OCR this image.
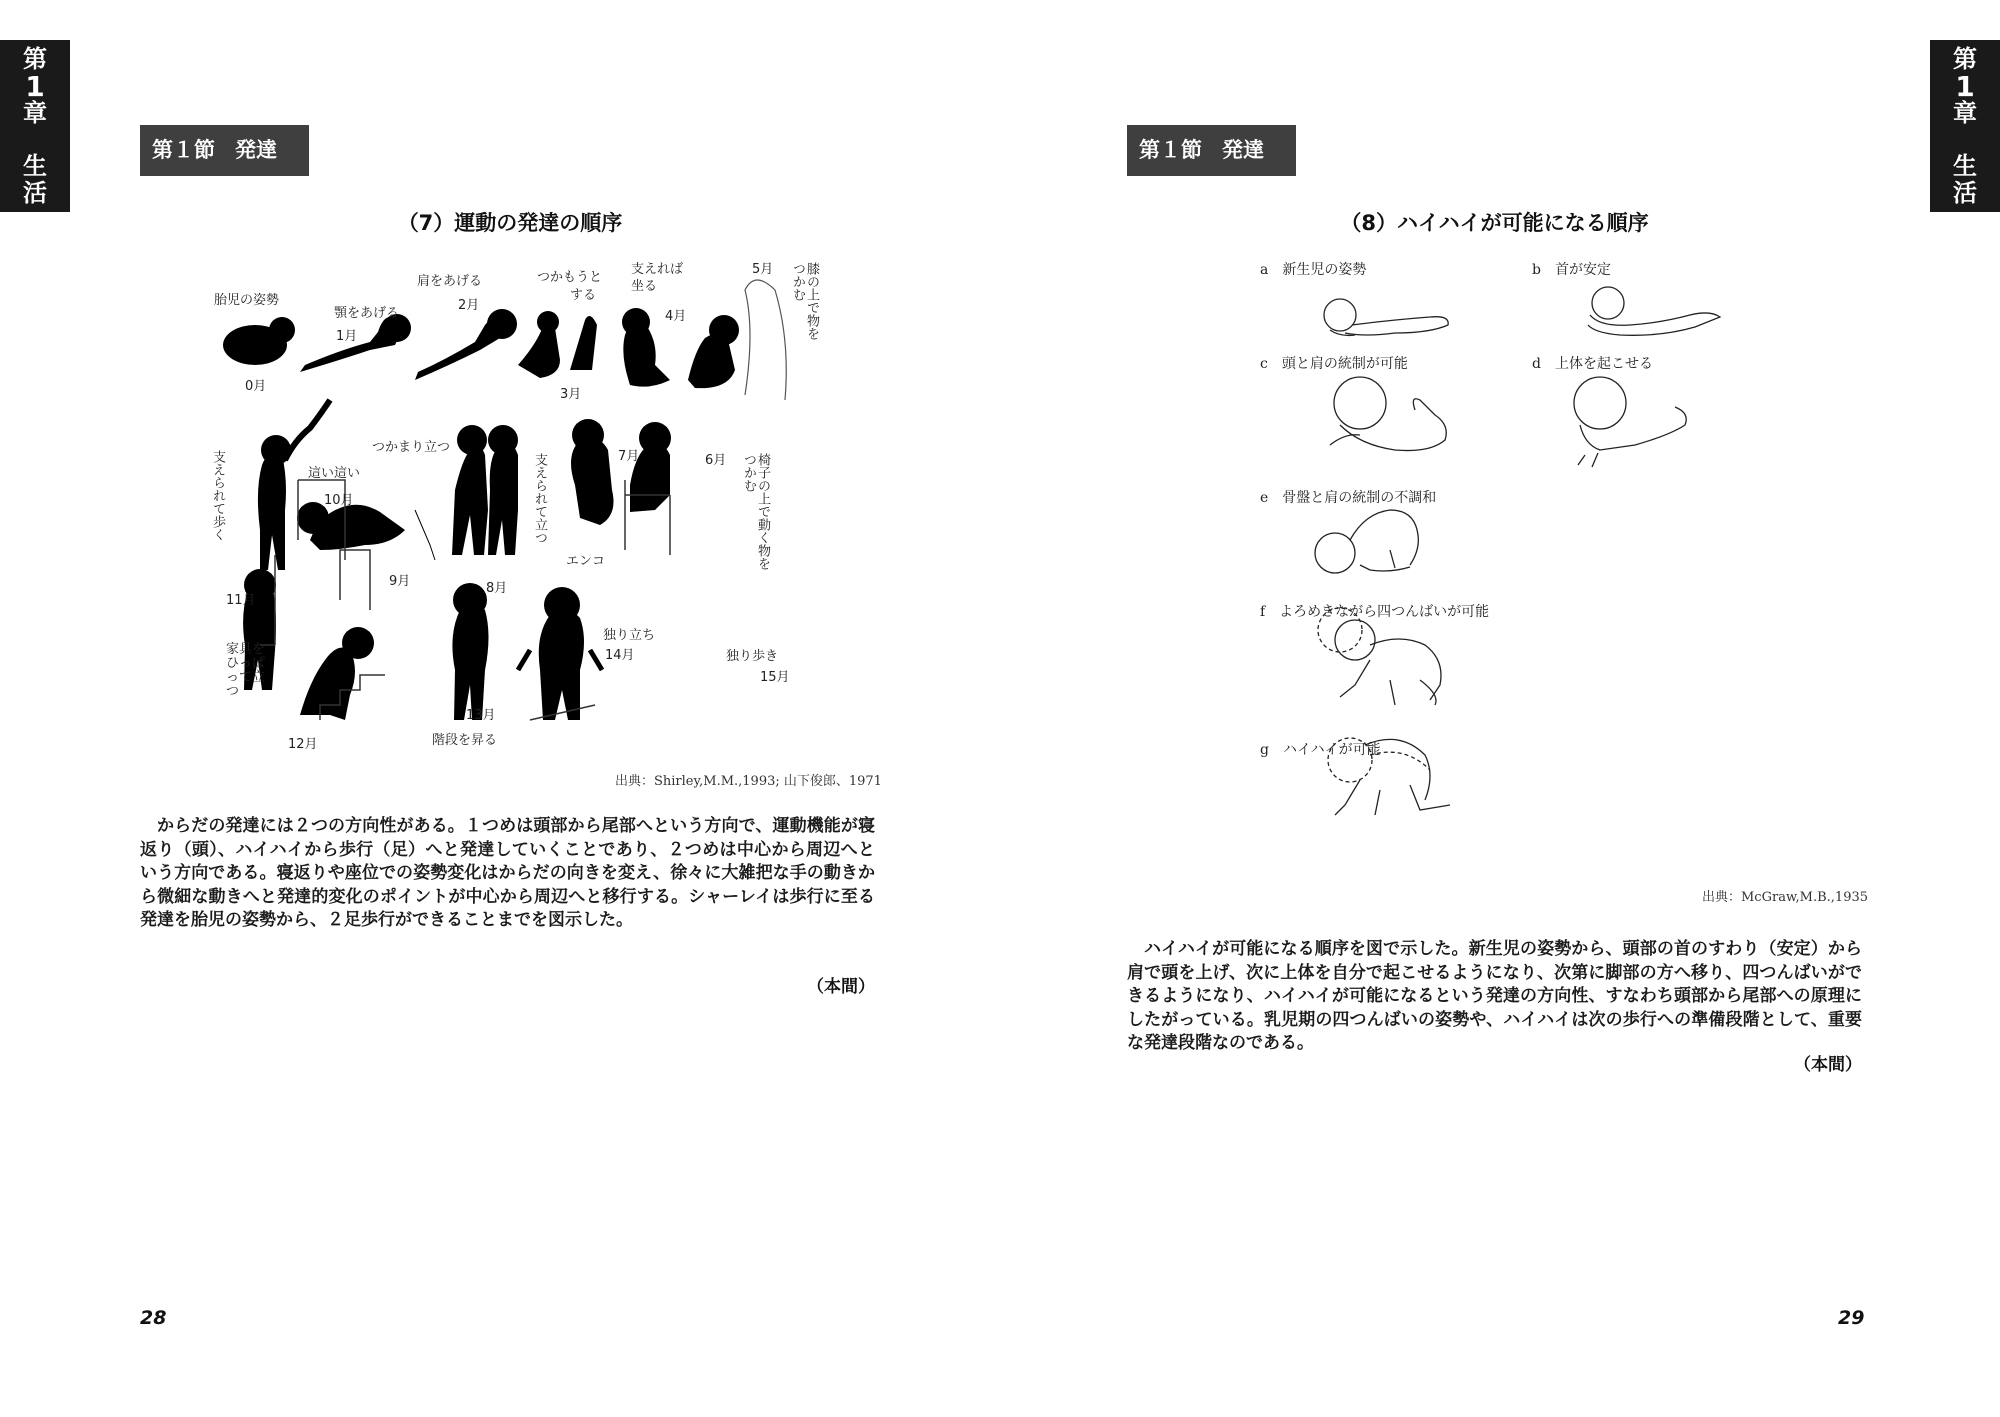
第
1
章
生
活
第１節 発達
（7）運動の発達の順序
胎児の姿勢
0月
顎をあげる
1月
肩をあげる
2月
つかもうと
する
3月
支えれば
坐る
4月
5月	膝の上で物をつかむ
支えられて歩く	這い這い
10月
つかまり立つ
支えられて立つ	7月	6月	椅子の上で動く物をつかむ
11月
9月	8月
エンコ
家具をひっぱって立つ
12月
13月
階段を昇る
独り立ち
14月	独り歩き
15月
出典：Shirley,M.M.,1993; 山下俊郎、1971

からだの発達には２つの方向性がある。１つめは頭部から尾部へという方向で、運動機能が寝返り（頭）、ハイハイから歩行（足）へと発達していくことであり、２つめは中心から周辺へという方向である。寝返りや座位での姿勢変化はからだの向きを変え、徐々に大雑把な手の動きから微細な動きへと発達的変化のポイントが中心から周辺へと移行する。シャーレイは歩行に至る発達を胎児の姿勢から、２足歩行ができることまでを図示した。

（本間）
28
第
1
章
生
活
第１節 発達
（8）ハイハイが可能になる順序
a　新生児の姿勢	b　首が安定
c　頭と肩の統制が可能	d　上体を起こせる
e　骨盤と肩の統制の不調和
f　よろめきながら四つんばいが可能
g　ハイハイが可能
出典：McGraw,M.B.,1935

ハイハイが可能になる順序を図で示した。新生児の姿勢から、頭部の首のすわり（安定）から肩で頭を上げ、次に上体を自分で起こせるようになり、次第に脚部の方へ移り、四つんばいができるようになり、ハイハイが可能になるという発達の方向性、すなわち頭部から尾部への原理にしたがっている。乳児期の四つんばいの姿勢や、ハイハイは次の歩行への準備段階として、重要な発達段階なのである。

（本間）
29
